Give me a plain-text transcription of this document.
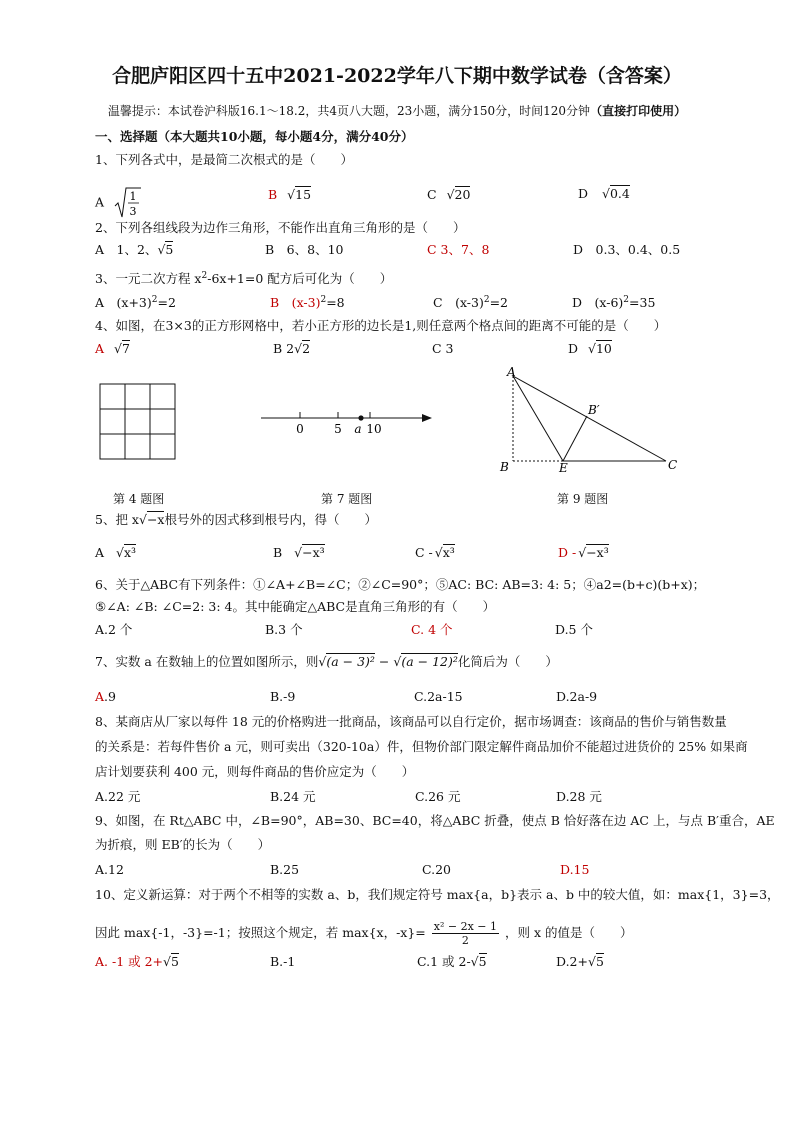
合肥庐阳区四十五中2021-2022学年八下期中数学试卷（含答案）
温馨提示：本试卷沪科版16.1～18.2，共4页八大题，23小题，满分150分，时间120分钟（直接打印使用）
一、选择题（本大题共10小题，每小题4分，满分40分）
1、下列各式中，是最简二次根式的是（　　）
A 1
3
B √15	C √20	D √0.4
2、下列各组线段为边作三角形，不能作出直角三角形的是（　　）
A　1、2、√5	B　6、8、10	C 3、7、8	D　0.3、0.4、0.5
3、一元二次方程 $x^2-6x+1=0$ 配方后可化为（　　）
A　$(x+3)^2=2$	B　$(x-3)^2=8$	C　$(x-3)^2=2$	D　$(x-6)^2=35$
4、如图，在3×3的正方形网格中，若小正方形的边长是1,则任意两个格点间的距离不可能的是（　　）
A √7	B 2√2	C 3	D √10
0	5 a 10
A
B	E	C
B′
第 4 题图	第 7 题图	第 9 题图
5、把 x√−x根号外的因式移到根号内，得（　　）
A √x³	B √−x³	C - √x³	D - √−x³
6、关于△ABC有下列条件：①∠A+∠B=∠C；②∠C=90°；⑤AC: BC: AB=3: 4: 5；④a2=(b+c)(b+x)；
⑤∠A: ∠B: ∠C=2: 3: 4。其中能确定△ABC是直角三角形的有（　　）
A.2 个	B.3 个	C. 4 个	D.5 个
7、实数 a 在数轴上的位置如图所示，则√(a − 3)² − √(a − 12)²化简后为（　　）
A.9	B.-9	C.2a-15	D.2a-9
8、某商店从厂家以每件 18 元的价格购进一批商品，该商品可以自行定价，据市场调查：该商品的售价与销售数量
的关系是：若每件售价 a 元，则可卖出（320-10a）件，但物价部门限定解件商品加价不能超过进货价的 25% 如果商
店计划要获利 400 元，则每件商品的售价应定为（　　）
A.22 元	B.24 元	C.26 元	D.28 元
9、如图，在 Rt△ABC 中，∠B=90°，AB=30、BC=40，将△ABC 折叠，使点 B 恰好落在边 AC 上，与点 B′重合，AE
为折痕，则 EB′的长为（　　）
A.12	B.25	C.20	D.15
10、定义新运算：对于两个不相等的实数 a、b，我们规定符号 max{a，b}表示 a、b 中的较大值，如：max{1，3}=3，
因此 max{-1，-3}=-1；按照这个规定，若 max{x，$-x\}= \frac{\text{x² − 2x − 1}}{2}$ ，则 x 的值是（　　）
A. -1 或 2+√5	B.-1	C.1 或 2-√5	D.2+√5
